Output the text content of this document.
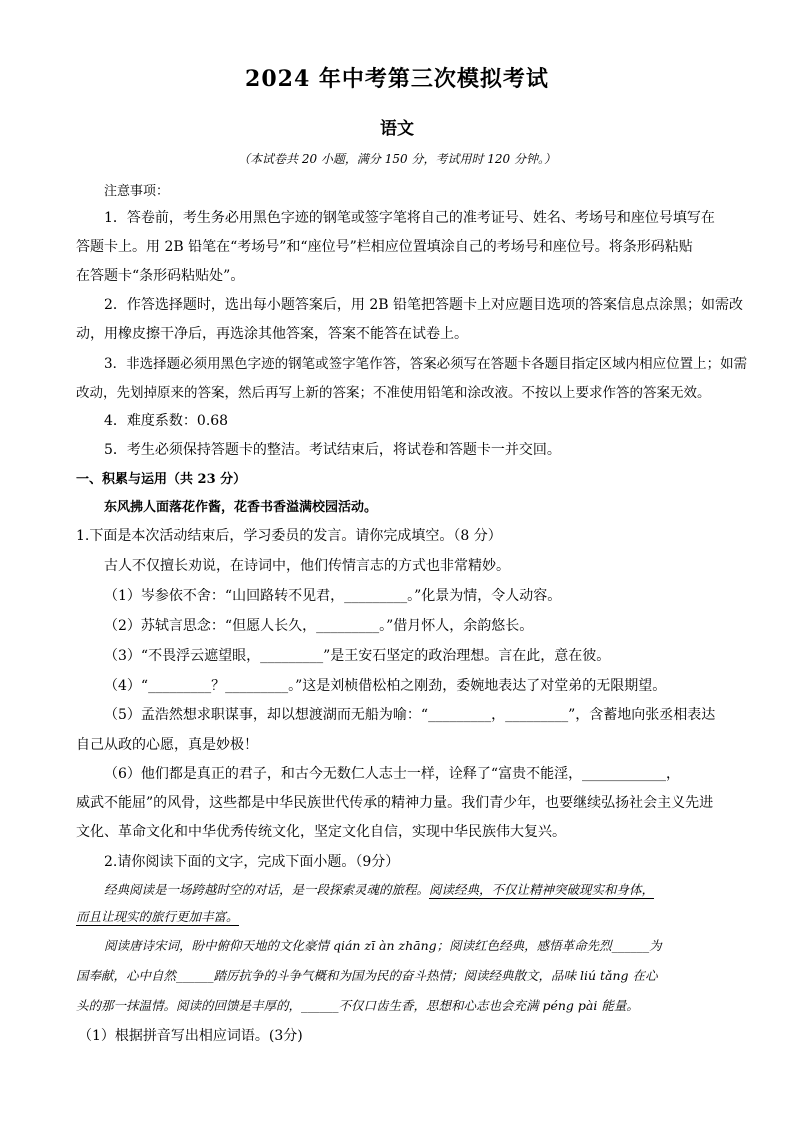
2024 年中考第三次模拟考试
语文
（本试卷共 20 小题，满分 150 分，考试用时 120 分钟。）
注意事项：
1．答卷前，考生务必用黑色字迹的钢笔或签字笔将自己的准考证号、姓名、考场号和座位号填写在
答题卡上。用 2B 铅笔在“考场号”和“座位号”栏相应位置填涂自己的考场号和座位号。将条形码粘贴
在答题卡“条形码粘贴处”。
2．作答选择题时，选出每小题答案后，用 2B 铅笔把答题卡上对应题目选项的答案信息点涂黑；如需改
动，用橡皮擦干净后，再选涂其他答案，答案不能答在试卷上。
3．非选择题必须用黑色字迹的钢笔或签字笔作答，答案必须写在答题卡各题目指定区域内相应位置上；如需
改动，先划掉原来的答案，然后再写上新的答案；不准使用铅笔和涂改液。不按以上要求作答的答案无效。
4．难度系数：0.68
5．考生必须保持答题卡的整洁。考试结束后，将试卷和答题卡一并交回。
一、积累与运用（共 23 分）
东风拂人面落花作酱，花香书香溢满校园活动。
1.下面是本次活动结束后，学习委员的发言。请你完成填空。（8 分）
古人不仅擅长劝说，在诗词中，他们传情言志的方式也非常精妙。
（1）岑参依不舍：“山回路转不见君，_________。”化景为情，令人动容。
（2）苏轼言思念：“但愿人长久，_________。”借月怀人，余韵悠长。
（3）“不畏浮云遮望眼，_________”是王安石坚定的政治理想。言在此，意在彼。
（4）“_________？_________。”这是刘桢借松柏之刚劲，委婉地表达了对堂弟的无限期望。
（5）孟浩然想求职谋事，却以想渡湖而无船为喻：“_________，_________”，含蓄地向张丞相表达
自己从政的心愿，真是妙极！
（6）他们都是真正的君子，和古今无数仁人志士一样，诠释了“富贵不能淫，____________，
威武不能屈”的风骨，这些都是中华民族世代传承的精神力量。我们青少年，也要继续弘扬社会主义先进
文化、革命文化和中华优秀传统文化，坚定文化自信，实现中华民族伟大复兴。
2.请你阅读下面的文字，完成下面小题。（9分）
经典阅读是一场跨越时空的对话，是一段探索灵魂的旅程。阅读经典，不仅让精神突破现实和身体，
而且让现实的旅行更加丰富。
阅读唐诗宋词，盼中俯仰天地的文化豪情 qián zī àn zhāng；阅读红色经典，感悟革命先烈______为
国奉献，心中自然______踏厉抗争的斗争气概和为国为民的奋斗热情；阅读经典散文，品味 liú tǎng 在心
头的那一抹温情。阅读的回馈是丰厚的，______不仅口齿生香，思想和心志也会充满 péng pài 能量。
（1）根据拼音写出相应词语。(3分)
